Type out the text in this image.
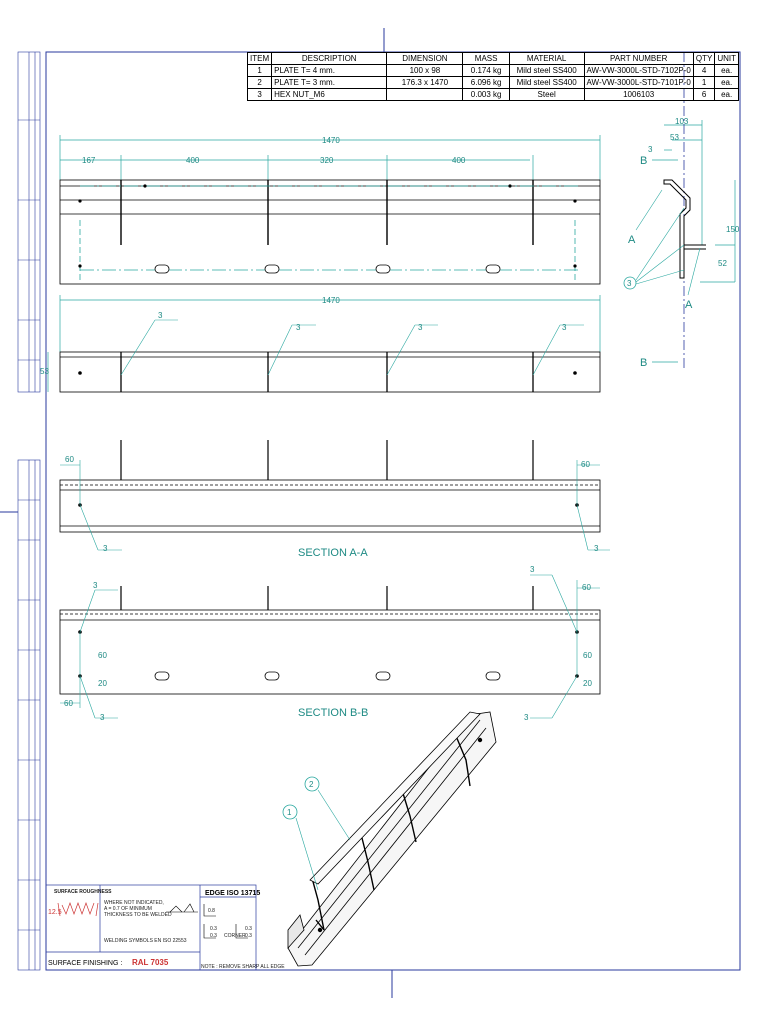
1470
167	400	320	400
1470
53
3
3	3	3
103
53
3
150
52
B
B
A
A
3
60
60
3	3
SECTION A-A
60
20
60
20
60
60
3
3
3
3
SECTION B-B
1
2
SURFACE ROUGHNESS
12.5
WHERE NOT INDICATED,
A = 0.7 OF MINIMUM
THICKNESS TO BE WELDED
WELDING SYMBOLS EN ISO 22553
EDGE ISO 13715
0.8
0.3
0.3
0.3
0.3
CORNER
NOTE : REMOVE SHARP ALL EDGE
SURFACE FINISHING : RAL 7035
ITEM	DESCRIPTION	DIMENSION	MASS	MATERIAL	PART NUMBER	QTY	UNIT
1	PLATE T= 4 mm.	100 x 98	0.174 kg	Mild steel SS400	AW-VW-3000L-STD-7102P-0	4	ea.
2	PLATE T= 3 mm.	176.3 x 1470	6.096 kg	Mild steel SS400	AW-VW-3000L-STD-7101P-0	1	ea.
3	HEX NUT_M6		0.003 kg	Steel	1006103	6	ea.
